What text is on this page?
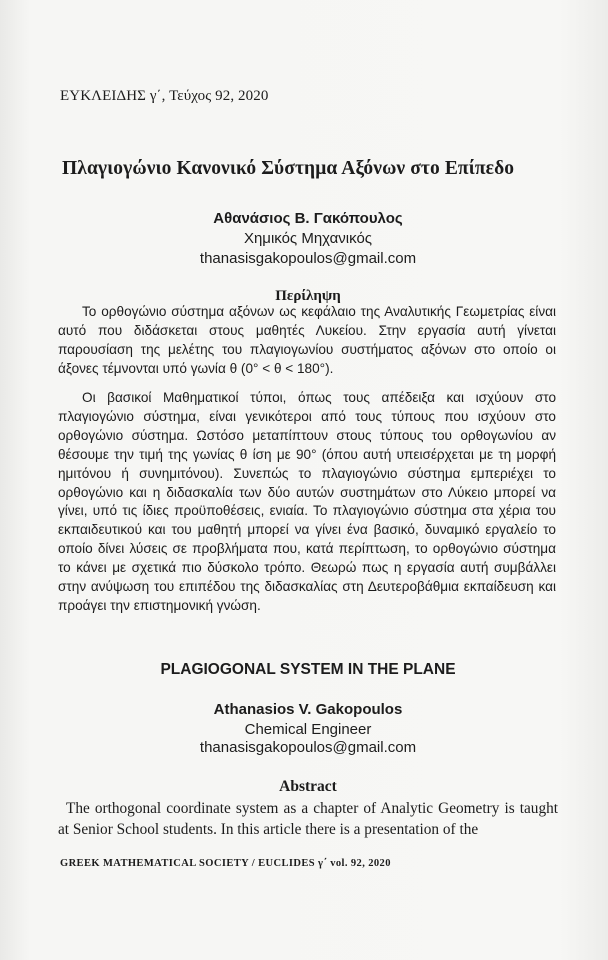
ΕΥΚΛΕΙΔΗΣ γ΄, Τεύχος 92, 2020
Πλαγιογώνιο Κανονικό Σύστημα Αξόνων στο Επίπεδο
Αθανάσιος Β. Γακόπουλος
Χημικός Μηχανικός
thanasisgakopoulos@gmail.com
Περίληψη
Το ορθογώνιο σύστημα αξόνων ως κεφάλαιο της Αναλυτικής Γεωμετρίας είναι αυτό που διδάσκεται στους μαθητές Λυκείου. Στην εργασία αυτή γίνεται παρουσίαση της μελέτης του πλαγιογωνίου συστήματος αξόνων στο οποίο οι άξονες τέμνονται υπό γωνία θ (0° < θ < 180°).
Οι βασικοί Μαθηματικοί τύποι, όπως τους απέδειξα και ισχύουν στο πλαγιογώνιο σύστημα, είναι γενικότεροι από τους τύπους που ισχύουν στο ορθογώνιο σύστημα. Ωστόσο μεταπίπτουν στους τύπους του ορθογωνίου αν θέσουμε την τιμή της γωνίας θ ίση με 90° (όπου αυτή υπεισέρχεται με τη μορφή ημιτόνου ή συνημιτόνου). Συνεπώς το πλαγιογώνιο σύστημα εμπεριέχει το ορθογώνιο και η διδασκαλία των δύο αυτών συστημάτων στο Λύκειο μπορεί να γίνει, υπό τις ίδιες προϋποθέσεις, ενιαία. Το πλαγιογώνιο σύστημα στα χέρια του εκπαιδευτικού και του μαθητή μπορεί να γίνει ένα βασικό, δυναμικό εργαλείο το οποίο δίνει λύσεις σε προβλήματα που, κατά περίπτωση, το ορθογώνιο σύστημα το κάνει με σχετικά πιο δύσκολο τρόπο. Θεωρώ πως η εργασία αυτή συμβάλλει στην ανύψωση του επιπέδου της διδασκαλίας στη Δευτεροβάθμια εκπαίδευση και προάγει την επιστημονική γνώση.
PLAGIOGONAL SYSTEM IN THE PLANE
Athanasios V. Gakopoulos
Chemical Engineer
thanasisgakopoulos@gmail.com
Abstract
The orthogonal coordinate system as a chapter of Analytic Geometry is taught at Senior School students. In this article there is a presentation of the
GREEK MATHEMATICAL SOCIETY / EUCLIDES γ΄ vol. 92, 2020
